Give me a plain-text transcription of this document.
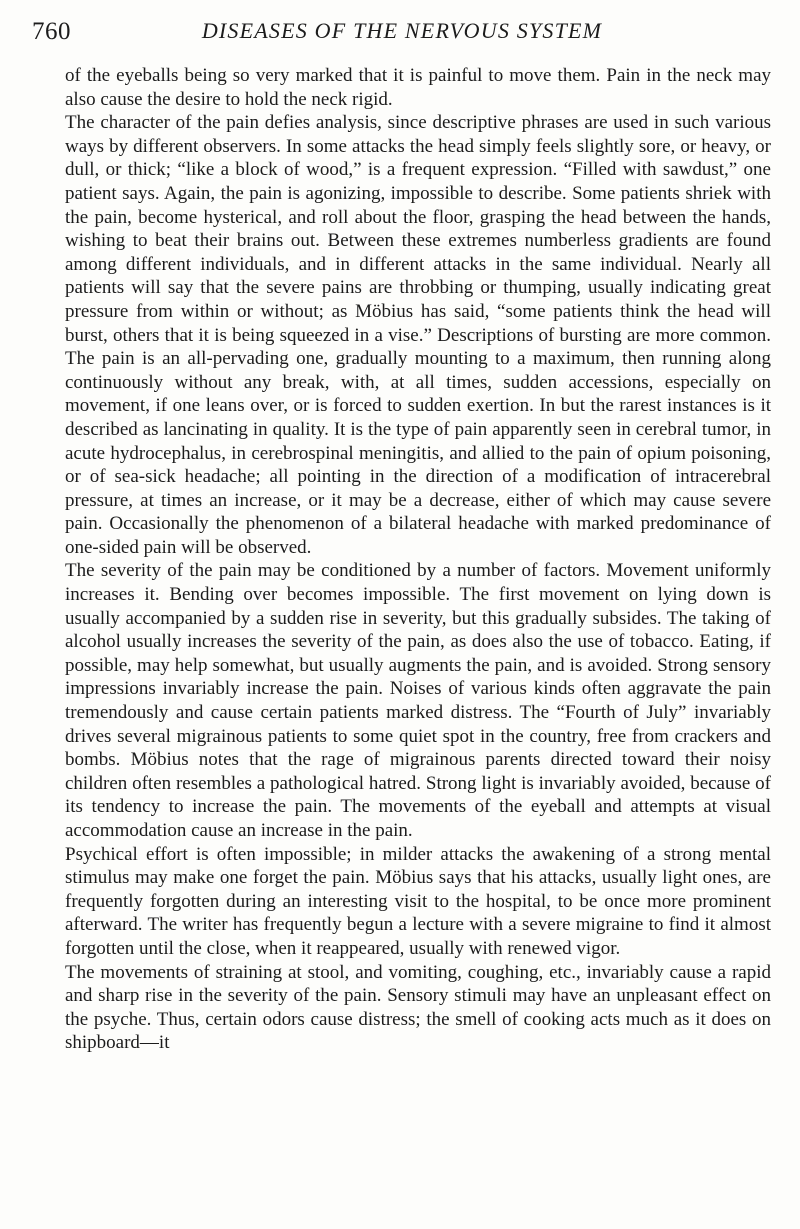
760	DISEASES OF THE NERVOUS SYSTEM

of the eyeballs being so very marked that it is painful to move them. Pain in the neck may also cause the desire to hold the neck rigid.

The character of the pain defies analysis, since descriptive phrases are used in such various ways by different observers. In some attacks the head simply feels slightly sore, or heavy, or dull, or thick; “like a block of wood,” is a frequent expression. “Filled with sawdust,” one patient says. Again, the pain is agonizing, impossible to describe. Some patients shriek with the pain, become hysterical, and roll about the floor, grasping the head between the hands, wishing to beat their brains out. Between these extremes numberless gradients are found among different individuals, and in different attacks in the same individual. Nearly all patients will say that the severe pains are throbbing or thumping, usually indicating great pressure from within or without; as Möbius has said, “some patients think the head will burst, others that it is being squeezed in a vise.” Descriptions of bursting are more common. The pain is an all-pervading one, gradually mounting to a maximum, then running along continuously without any break, with, at all times, sudden accessions, especially on movement, if one leans over, or is forced to sudden exertion. In but the rarest instances is it described as lancinating in quality. It is the type of pain apparently seen in cerebral tumor, in acute hydrocephalus, in cerebrospinal meningitis, and allied to the pain of opium poisoning, or of sea-sick headache; all pointing in the direction of a modification of intracerebral pressure, at times an increase, or it may be a decrease, either of which may cause severe pain. Occasionally the phenomenon of a bilateral headache with marked predominance of one-sided pain will be observed.

The severity of the pain may be conditioned by a number of factors. Movement uniformly increases it. Bending over becomes impossible. The first movement on lying down is usually accompanied by a sudden rise in severity, but this gradually subsides. The taking of alcohol usually increases the severity of the pain, as does also the use of tobacco. Eating, if possible, may help somewhat, but usually augments the pain, and is avoided. Strong sensory impressions invariably increase the pain. Noises of various kinds often aggravate the pain tremendously and cause certain patients marked distress. The “Fourth of July” invariably drives several migrainous patients to some quiet spot in the country, free from crackers and bombs. Möbius notes that the rage of migrainous parents directed toward their noisy children often resembles a pathological hatred. Strong light is invariably avoided, because of its tendency to increase the pain. The movements of the eyeball and attempts at visual accommodation cause an increase in the pain.

Psychical effort is often impossible; in milder attacks the awakening of a strong mental stimulus may make one forget the pain. Möbius says that his attacks, usually light ones, are frequently forgotten during an interesting visit to the hospital, to be once more prominent afterward. The writer has frequently begun a lecture with a severe migraine to find it almost forgotten until the close, when it reappeared, usually with renewed vigor.

The movements of straining at stool, and vomiting, coughing, etc., invariably cause a rapid and sharp rise in the severity of the pain. Sensory stimuli may have an unpleasant effect on the psyche. Thus, certain odors cause distress; the smell of cooking acts much as it does on shipboard—it
